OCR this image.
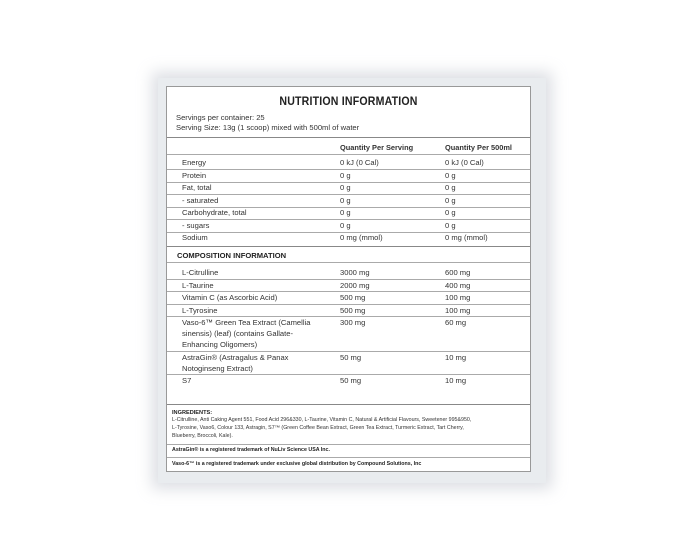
NUTRITION INFORMATION
Servings per container: 25
Serving Size: 13g (1 scoop) mixed with 500ml of water
Quantity Per Serving	Quantity Per 500ml
Energy	0 kJ (0 Cal)	0 kJ (0 Cal)
Protein	0 g	0 g
Fat, total	0 g	0 g
- saturated	0 g	0 g
Carbohydrate, total	0 g	0 g
- sugars	0 g	0 g
Sodium	0 mg (mmol)	0 mg (mmol)
COMPOSITION INFORMATION
L-Citrulline	3000 mg	600 mg
L-Taurine	2000 mg	400 mg
Vitamin C (as Ascorbic Acid)	500 mg	100 mg
L-Tyrosine	500 mg	100 mg
Vaso-6™ Green Tea Extract (Camellia
sinensis) (leaf) (contains Gallate-
Enhancing Oligomers)
300 mg	60 mg
AstraGin® (Astragalus & Panax
Notoginseng Extract)
50 mg	10 mg
S7	50 mg	10 mg
INGREDIENTS:
L-Citrulline, Anti Caking Agent 551, Food Acid 296&330, L-Taurine, Vitamin C, Natural & Artificial Flavours, Sweetener 995&950,
L-Tyrosine, Vaso6, Colour 133, Astragin, S7™ (Green Coffee Bean Extract, Green Tea Extract, Turmeric Extract, Tart Cherry,
Blueberry, Broccoli, Kale).
AstraGin® is a registered trademark of NuLiv Science USA Inc.
Vaso-6™ is a registered trademark under exclusive global distribution by Compound Solutions, Inc
